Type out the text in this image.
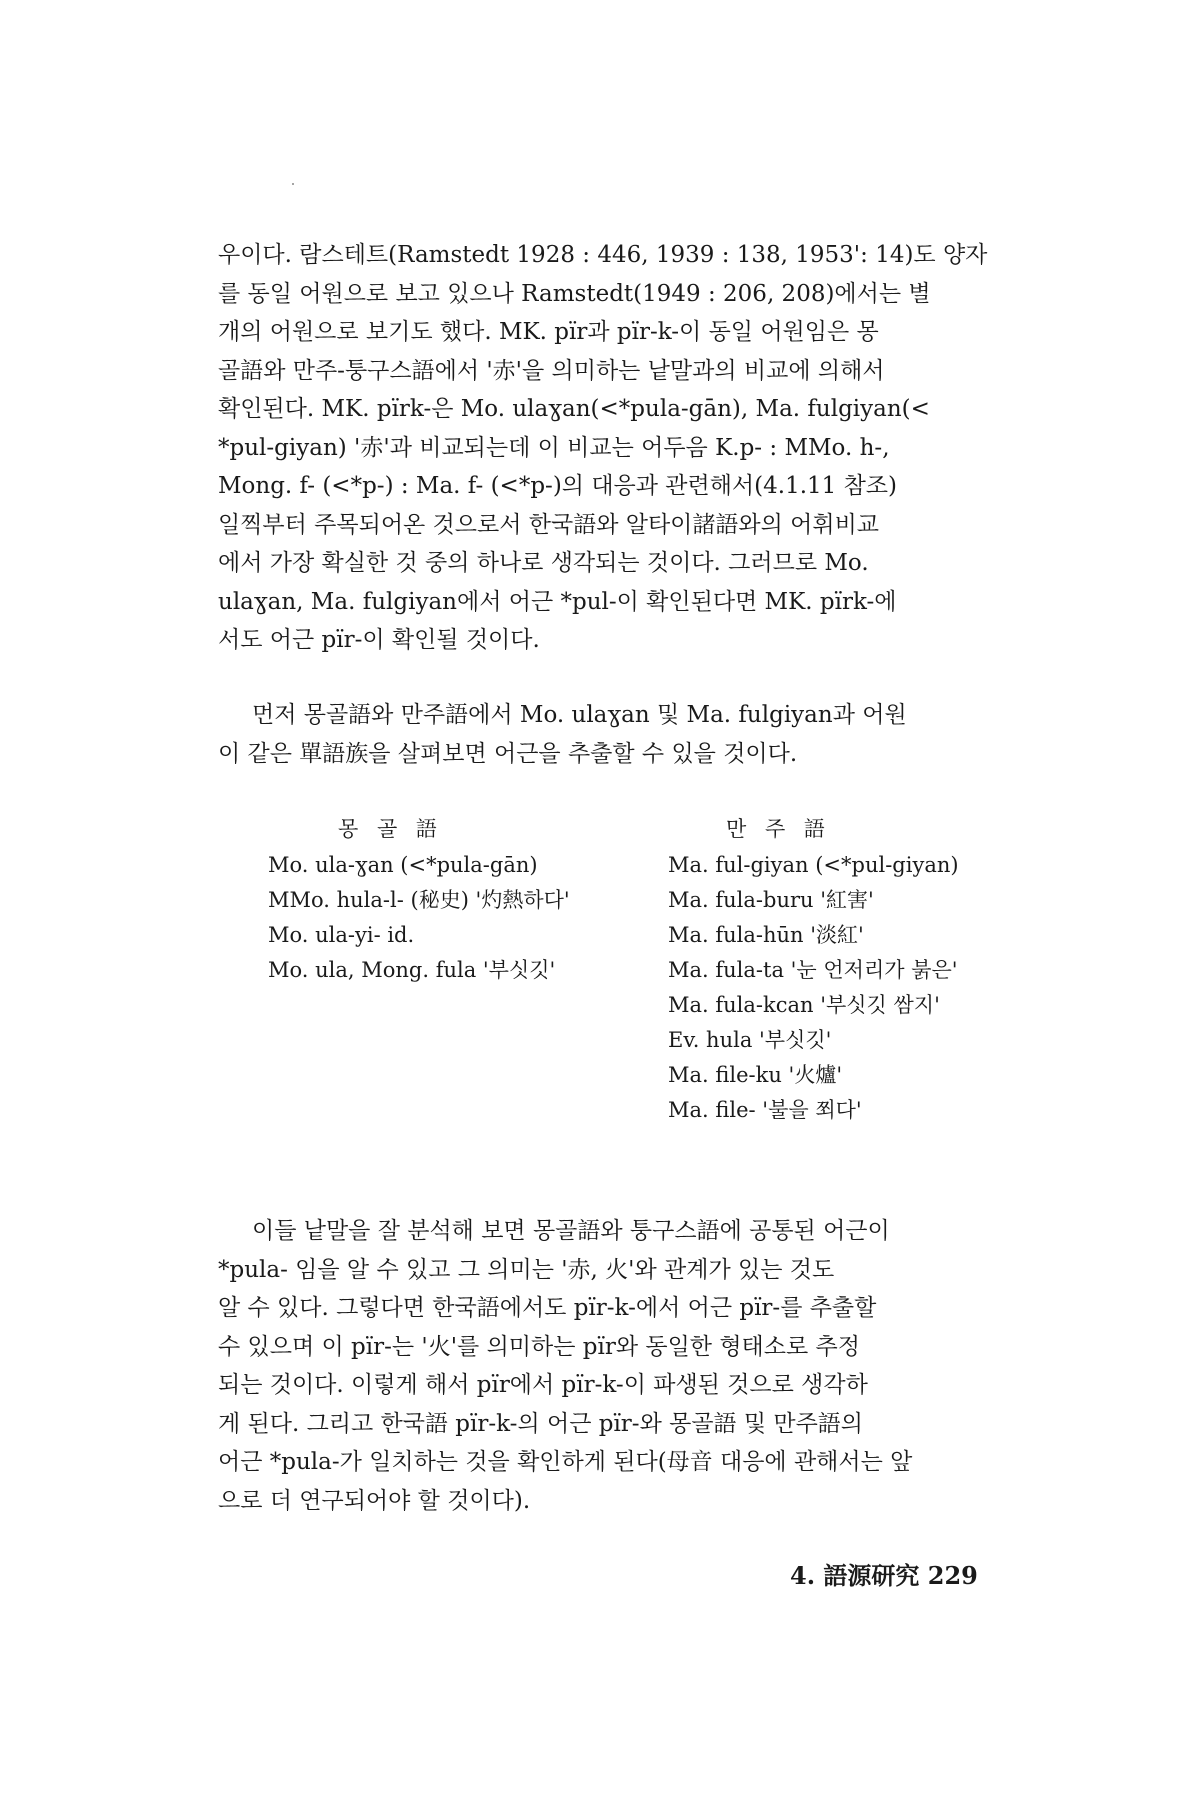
우이다. 람스테트(Ramstedt 1928 : 446, 1939 : 138, 1953': 14)도 양자
를 동일 어원으로 보고 있으나 Ramstedt(1949 : 206, 208)에서는 별
개의 어원으로 보기도 했다. MK. pïr과 pïr-k-이 동일 어원임은 몽
골語와 만주-퉁구스語에서 '赤'을 의미하는 낱말과의 비교에 의해서
확인된다. MK. pïrk-은 Mo. ulaɣan(<*pula-gān), Ma. fulgiyan(<
*pul-giyan) '赤'과 비교되는데 이 비교는 어두음 K.p- : MMo. h-,
Mong. f- (<*p-) : Ma. f- (<*p-)의 대응과 관련해서(4.1.11 참조)
일찍부터 주목되어온 것으로서 한국語와 알타이諸語와의 어휘비교
에서 가장 확실한 것 중의 하나로 생각되는 것이다. 그러므로 Mo.
ulaɣan, Ma. fulgiyan에서 어근 *pul-이 확인된다면 MK. pïrk-에
서도 어근 pïr-이 확인될 것이다.
먼저 몽골語와 만주語에서 Mo. ulaɣan 및 Ma. fulgiyan과 어원
이 같은 單語族을 살펴보면 어근을 추출할 수 있을 것이다.
몽 골 語
Mo. ula-ɣan (<*pula-gān)
MMo. hula-l- (秘史) '灼熱하다'
Mo. ula-yi- id.
Mo. ula, Mong. fula '부싯깃'
만 주 語
Ma. ful-giyan (<*pul-giyan)
Ma. fula-buru '紅害'
Ma. fula-hūn '淡紅'
Ma. fula-ta '눈 언저리가 붉은'
Ma. fula-kcan '부싯깃 쌈지'
Ev. hula '부싯깃'
Ma. file-ku '火爐'
Ma. file- '불을 쬐다'
이들 낱말을 잘 분석해 보면 몽골語와 퉁구스語에 공통된 어근이
*pula- 임을 알 수 있고 그 의미는 '赤, 火'와 관계가 있는 것도
알 수 있다. 그렇다면 한국語에서도 pïr-k-에서 어근 pïr-를 추출할
수 있으며 이 pïr-는 '火'를 의미하는 pïr와 동일한 형태소로 추정
되는 것이다. 이렇게 해서 pïr에서 pïr-k-이 파생된 것으로 생각하
게 된다. 그리고 한국語 pïr-k-의 어근 pïr-와 몽골語 및 만주語의
어근 *pula-가 일치하는 것을 확인하게 된다(母音 대응에 관해서는 앞
으로 더 연구되어야 할 것이다).
4. 語源研究 229
